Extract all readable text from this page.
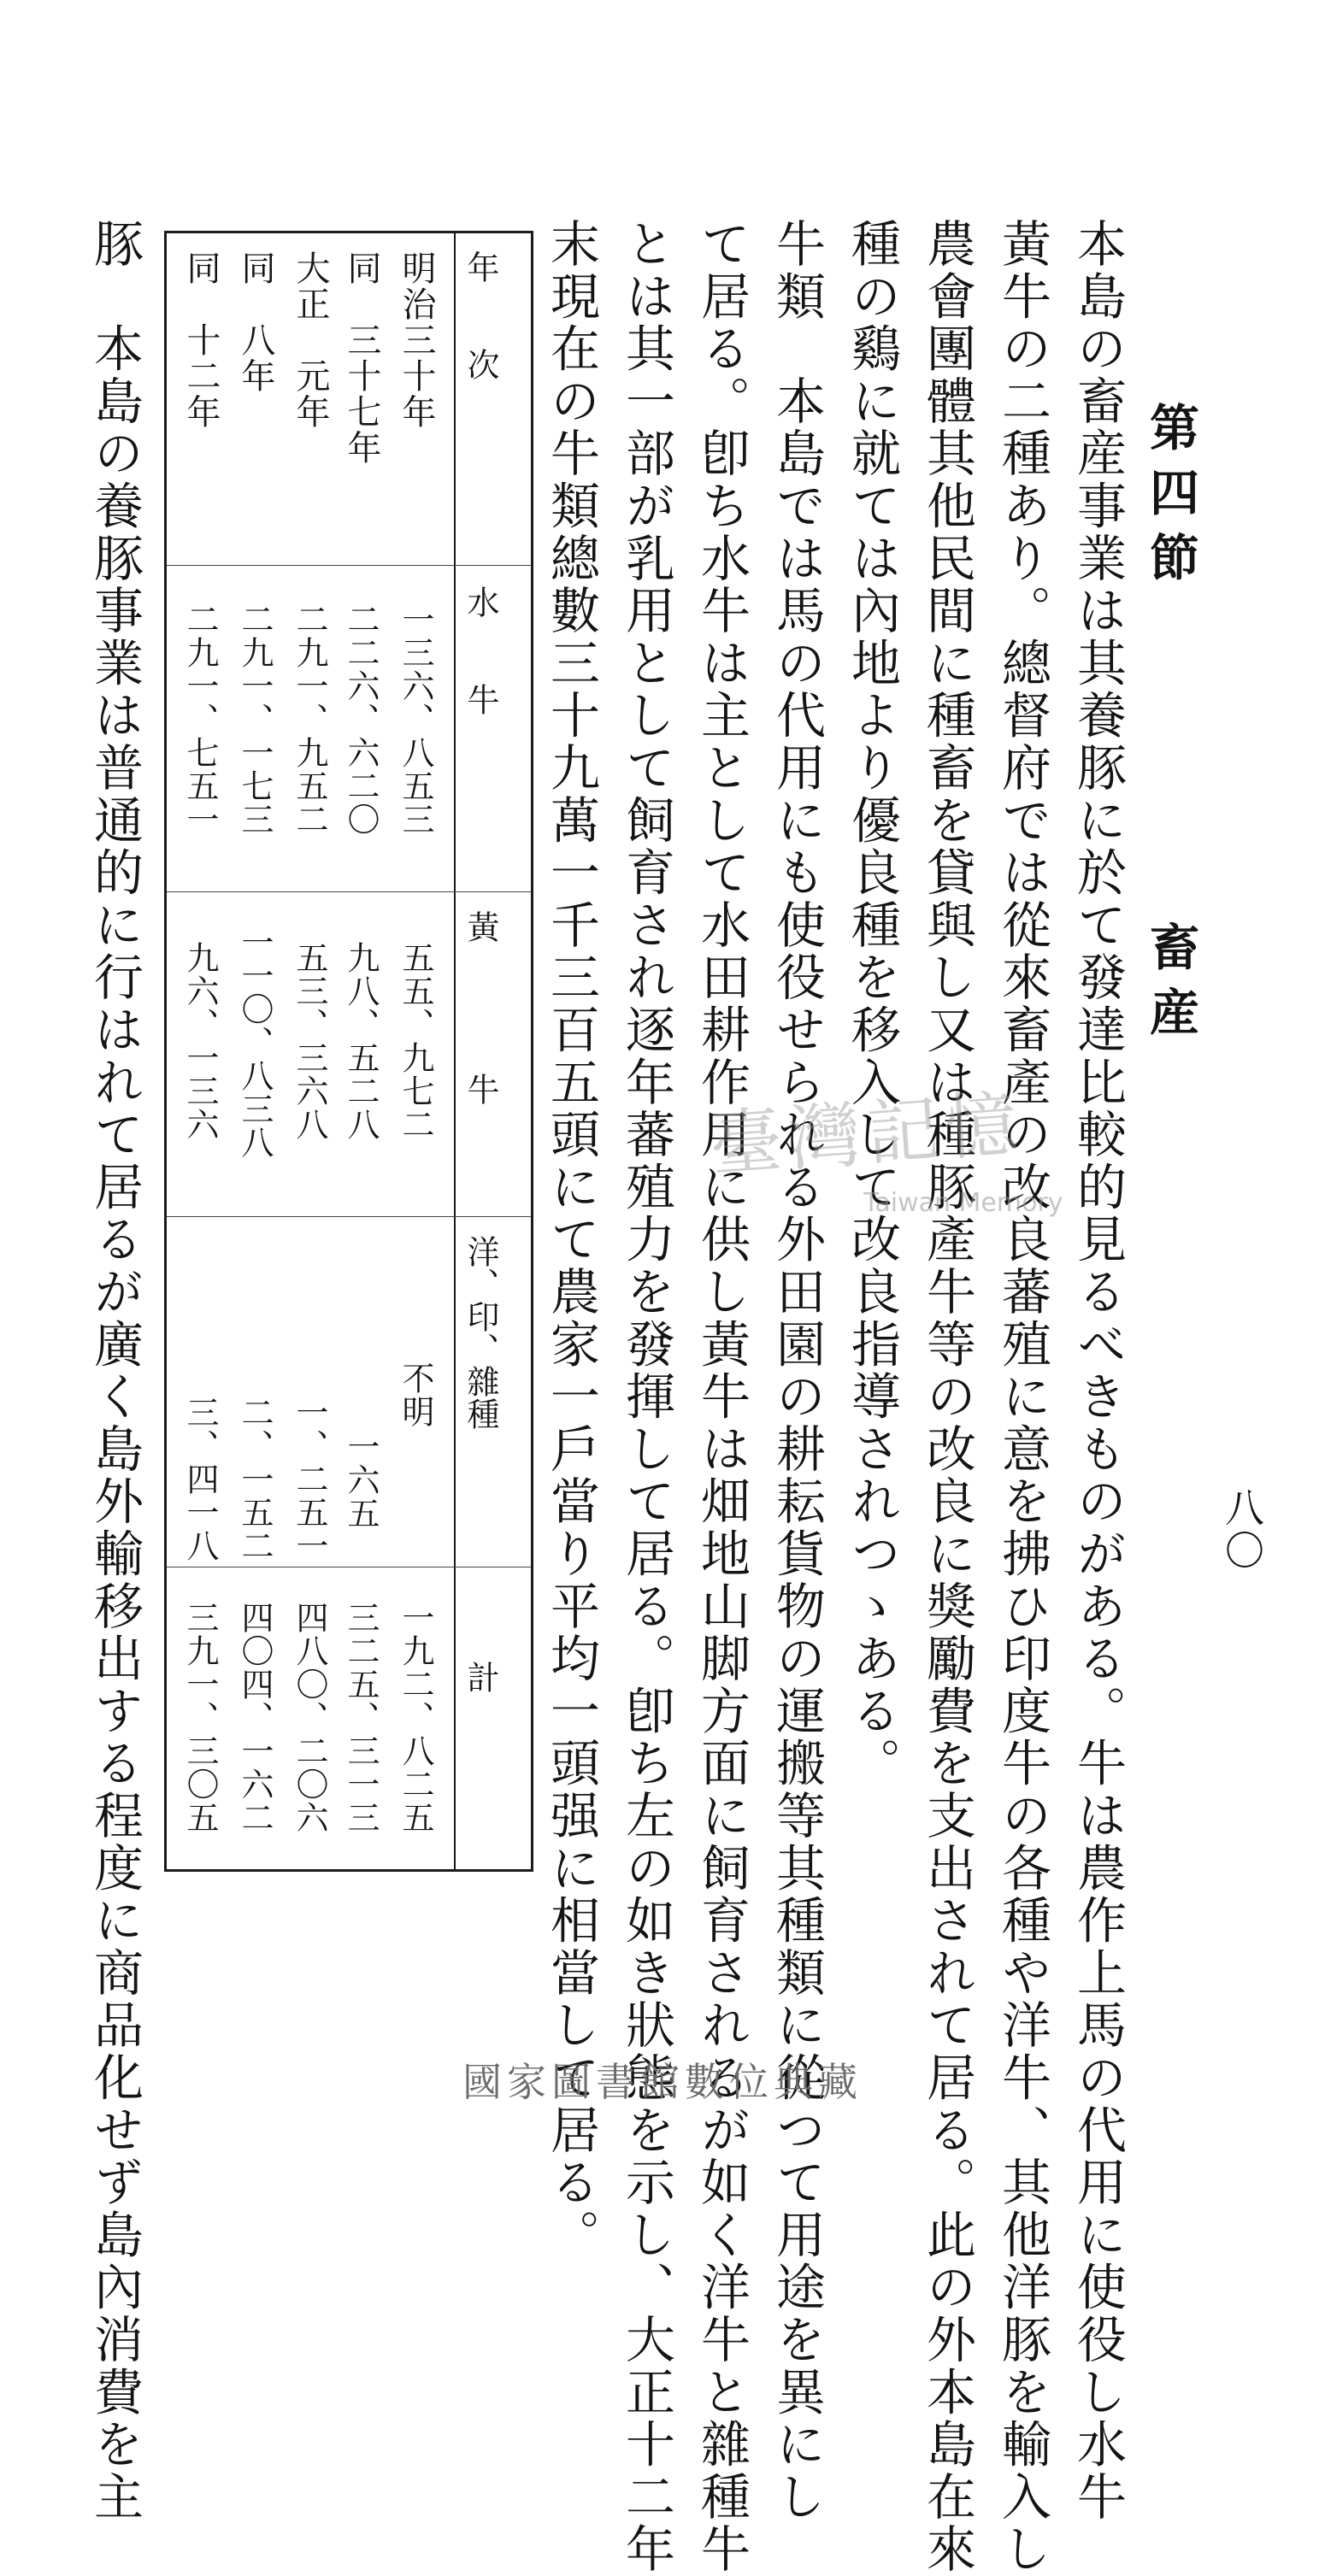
第四節畜産
八〇
本島の畜産事業は其養豚に於て發達比較的見るべきものがある。牛は農作上馬の代用に使役し水牛
黃牛の二種あり。總督府では從來畜產の改良蕃殖に意を拂ひ印度牛の各種や洋牛、其他洋豚を輸入し
農會團體其他民間に種畜を貸與し又は種豚產牛等の改良に獎勵費を支出されて居る。此の外本島在來
種の鷄に就ては內地より優良種を移入して改良指導されつゝある。
牛類　本島では馬の代用にも使役せられる外田園の耕耘貨物の運搬等其種類に從つて用途を異にし
て居る。卽ち水牛は主として水田耕作用に供し黃牛は畑地山脚方面に飼育されるが如く洋牛と雜種牛
とは其一部が乳用として飼育され逐年蕃殖力を發揮して居る。卽ち左の如き狀態を示し、大正十二年
末現在の牛類總數三十九萬一千三百五頭にて農家一戶當り平均一頭强に相當して居る。
豚　本島の養豚事業は普通的に行はれて居るが廣く島外輸移出する程度に商品化せず島內消費を主	年　　次
水　　牛
黃　　　　牛
洋、印、雜種
計
明治三十年
一三六、八五三
五五、九七二
不明
一九二、八二五
同　三十七年
二二六、六二〇
九八、五二八
一六五
三二五、三一三
大正　元年
二九一、九五二
五三、三六八
一、二五一
四八〇、二〇六
同　八年
二九一、一七三
一一〇、八三八
二、一五二
四〇四、一六二
同　十二年
二九一、七五一
九六、一三六
三、四一八
三九一、三〇五
臺灣記憶
Taiwan Memory
國家圖書館數位典藏
